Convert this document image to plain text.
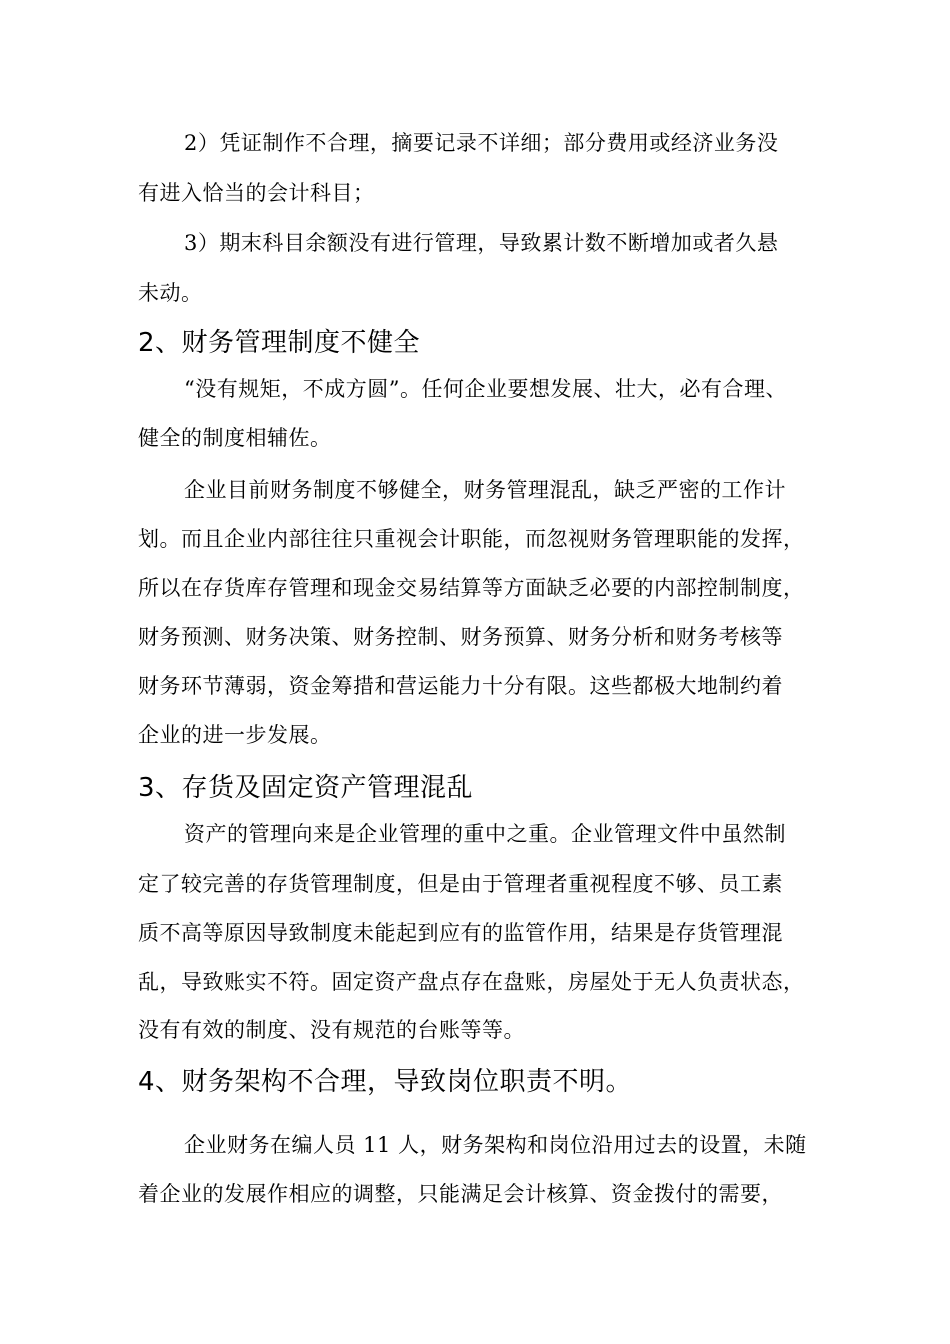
2）凭证制作不合理，摘要记录不详细；部分费用或经济业务没

有进入恰当的会计科目；

3）期末科目余额没有进行管理，导致累计数不断增加或者久悬

未动。

2、财务管理制度不健全

“没有规矩，不成方圆”。任何企业要想发展、壮大，必有合理、

健全的制度相辅佐。

企业目前财务制度不够健全，财务管理混乱，缺乏严密的工作计

划。而且企业内部往往只重视会计职能，而忽视财务管理职能的发挥，

所以在存货库存管理和现金交易结算等方面缺乏必要的内部控制制度，

财务预测、财务决策、财务控制、财务预算、财务分析和财务考核等

财务环节薄弱，资金筹措和营运能力十分有限。这些都极大地制约着

企业的进一步发展。

3、存货及固定资产管理混乱

资产的管理向来是企业管理的重中之重。企业管理文件中虽然制

定了较完善的存货管理制度，但是由于管理者重视程度不够、员工素

质不高等原因导致制度未能起到应有的监管作用，结果是存货管理混

乱，导致账实不符。固定资产盘点存在盘账，房屋处于无人负责状态，

没有有效的制度、没有规范的台账等等。

4、财务架构不合理，导致岗位职责不明。

企业财务在编人员 11 人，财务架构和岗位沿用过去的设置，未随

着企业的发展作相应的调整，只能满足会计核算、资金拨付的需要，
